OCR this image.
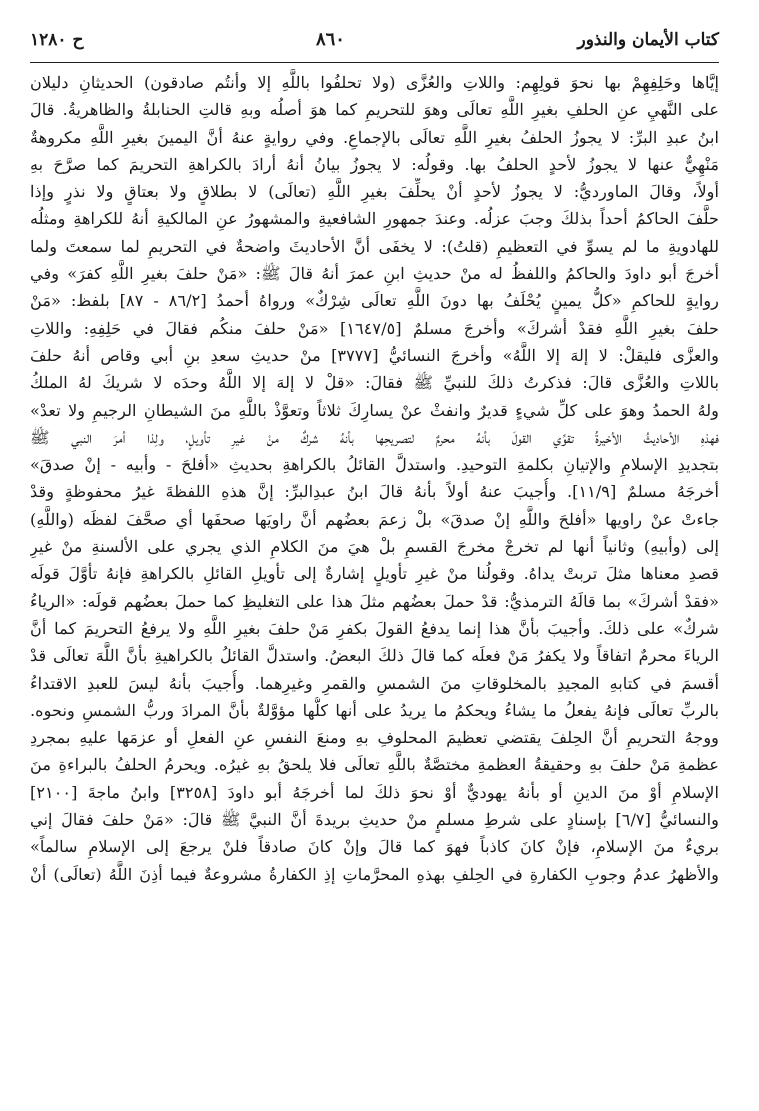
كتاب الأيمان والنذور
٨٦٠
ح ١٢٨٠
إيَّاها وحَلِفِهِمْ بها نحوَ قولِهِم: واللاتِ والعُزَّى (ولا تحلفُوا باللَّهِ إلا وأنتُم صادقون) الحديثانِ دليلان
على النَّهيِ عنِ الحلفِ بغيرِ اللَّهِ تعالَى وهوَ للتحريمِ كما هوَ أصلُه وبهِ قالتِ الحنابلةُ والظاهريةُ. قالَ
ابنُ عبدِ البرِّ: لا يجوزُ الحلفُ بغيرِ اللَّهِ تعالَى بالإجماعِ. وفي روايةٍ عنهُ أنَّ اليمينَ بغيرِ اللَّهِ مكروهةٌ
مَنْهِيٌّ عنها لا يجوزُ لأحدٍ الحلفُ بها. وقولُه: لا يجوزُ بيانُ أنهُ أرادَ بالكراهةِ التحريمَ كما صرَّحَ بهِ
أولاً، وقالَ الماورديُّ: لا يجوزُ لأحدٍ أنْ يحلِّفَ بغيرِ اللَّهِ (تعالَى) لا بطلاقٍ ولا بعتاقٍ ولا نذرٍ وإذا
حلَّفَ الحاكمُ أحداً بذلكَ وجبَ عزلُه. وعندَ جمهورِ الشافعيةِ والمشهورُ عنِ المالكيةِ أنهُ للكراهةِ ومثلُه
للهادويةِ ما لم يسوِّ في التعظيمِ (قلتُ): لا يخفَى أنَّ الأحاديثَ واضحةٌ في التحريمِ لما سمعتَ ولما
أخرجَ أبو داودَ والحاكمُ واللفظُ له منْ حديثِ ابنِ عمرَ أنهُ قالَ ﷺ: «مَنْ حلفَ بغيرِ اللَّهِ كفرَ» وفي
روايةٍ للحاكمِ «كلُّ يمينٍ يُحْلَفُ بها دونَ اللَّهِ تعالَى شِرْكٌ» ورواهُ أحمدُ [٨٦/٢ - ٨٧] بلفظ: «مَنْ
حلفَ بغيرِ اللَّهِ فقدْ أشركَ» وأخرجَ مسلمٌ [١٦٤٧/٥] «مَنْ حلفَ منكُم فقالَ في حَلِفِهِ: واللاتِ
والعزَّى فليقلْ: لا إلهَ إلا اللَّهُ» وأخرجَ النسائيُّ [٣٧٧٧] منْ حديثِ سعدِ بنِ أبي وقاص أنهُ حلفَ
باللاتِ والعُزَّى قالَ: فذكرتُ ذلكَ للنبيِّ ﷺ فقالَ: «قلْ لا إلهَ إلا اللَّهُ وحدَه لا شريكَ لهُ الملكُ
ولهُ الحمدُ وهوَ على كلِّ شيءٍ قديرٌ وانفثْ عنْ يسارِكَ ثلاثاً وتعوَّذْ باللَّهِ منَ الشيطانِ الرجيمِ ولا تعدْ»
فهذهِ الأحاديثُ الأخيرةُ تقوِّي القولَ بأنهُ محرمٌ لتصريحِها بأنهُ شركٌ منْ غيرِ تأويلٍ، ولِذا أمرَ النبي ﷺ
بتجديدِ الإسلامِ والإتيانِ بكلمةِ التوحيدِ. واستدلَّ القائلُ بالكراهةِ بحديثِ «أفلحَ - وأبيه - إنْ صدقَ»
أخرجَهُ مسلمٌ [١١/٩]. وأُجيبَ عنهُ أولاً بأنهُ قالَ ابنُ عبدِالبرِّ: إنَّ هذهِ اللفظةَ غيرُ محفوظةٍ وقدْ
جاءتْ عنْ راويها «أفلحَ واللَّهِ إنْ صدقَ» بلْ زعمَ بعضُهم أنَّ راويَها صحفَها أي صحَّفَ لفظَه (واللَّهِ)
إلى (وأبيهِ) وثانياً أنها لم تخرجْ مخرجَ القسمِ بلْ هيَ منَ الكلامِ الذي يجري على الألسنةِ منْ غيرِ
قصدِ معناها مثلَ تربتْ يداهُ. وقولُنا منْ غيرِ تأويلٍ إشارةٌ إلى تأويلِ القائلِ بالكراهةِ فإنهُ تأوَّلَ قولَه
«فقدْ أشركَ» بما قالَهُ الترمذيُّ: قدْ حملَ بعضُهم مثلَ هذا على التغليظِ كما حملَ بعضُهم قولَه: «الرياءُ
شركٌ» على ذلكَ. وأجيبَ بأنَّ هذا إنما يدفعُ القولَ بكفرِ مَنْ حلفَ بغيرِ اللَّهِ ولا يرفعُ التحريمَ كما أنَّ
الرياءَ محرمٌ اتفاقاً ولا يكفرُ مَنْ فعلَه كما قالَ ذلكَ البعضُ. واستدلَّ القائلُ بالكراهيةِ بأنَّ اللَّهَ تعالَى قدْ
أقسمَ في كتابهِ المجيدِ بالمخلوقاتِ منَ الشمسِ والقمرِ وغيرِهما. وأُجيبَ بأنهُ ليسَ للعبدِ الاقتداءُ
بالربِّ تعالَى فإنهُ يفعلُ ما يشاءُ ويحكمُ ما يريدُ على أنها كلُّها مؤوَّلةٌ بأنَّ المرادَ وربُّ الشمسِ ونحوه.
ووجهُ التحريمِ أنَّ الحِلفَ يقتضي تعظيمَ المحلوفِ بهِ ومنعَ النفسِ عنِ الفعلِ أو عزمَها عليهِ بمجردِ
عظمةِ مَنْ حلفَ بهِ وحقيقةُ العظمةِ مختصَّةٌ باللَّهِ تعالَى فلا يلحقُ بهِ غيرُه. ويحرمُ الحلفُ بالبراءةِ منَ
الإسلامِ أوْ منَ الدينِ أو بأنهُ يهوديٌّ أوْ نحوَ ذلكَ لما أخرجَهُ أبو داودَ [٣٢٥٨] وابنُ ماجةَ [٢١٠٠]
والنسائيُّ [٦/٧] بإسنادٍ على شرطِ مسلمٍ منْ حديثِ بريدةَ أنَّ النبيَّ ﷺ قالَ: «مَنْ حلفَ فقالَ إني
بريءٌ منَ الإسلامِ، فإنْ كانَ كاذباً فهوَ كما قالَ وإنْ كانَ صادقاً فلنْ يرجعَ إلى الإسلامِ سالماً»
والأظهرُ عدمُ وجوبِ الكفارةِ في الحِلفِ بهذهِ المحرَّماتِ إذِ الكفارةُ مشروعةٌ فيما أذِنَ اللَّهُ (تعالَى) أنْ
